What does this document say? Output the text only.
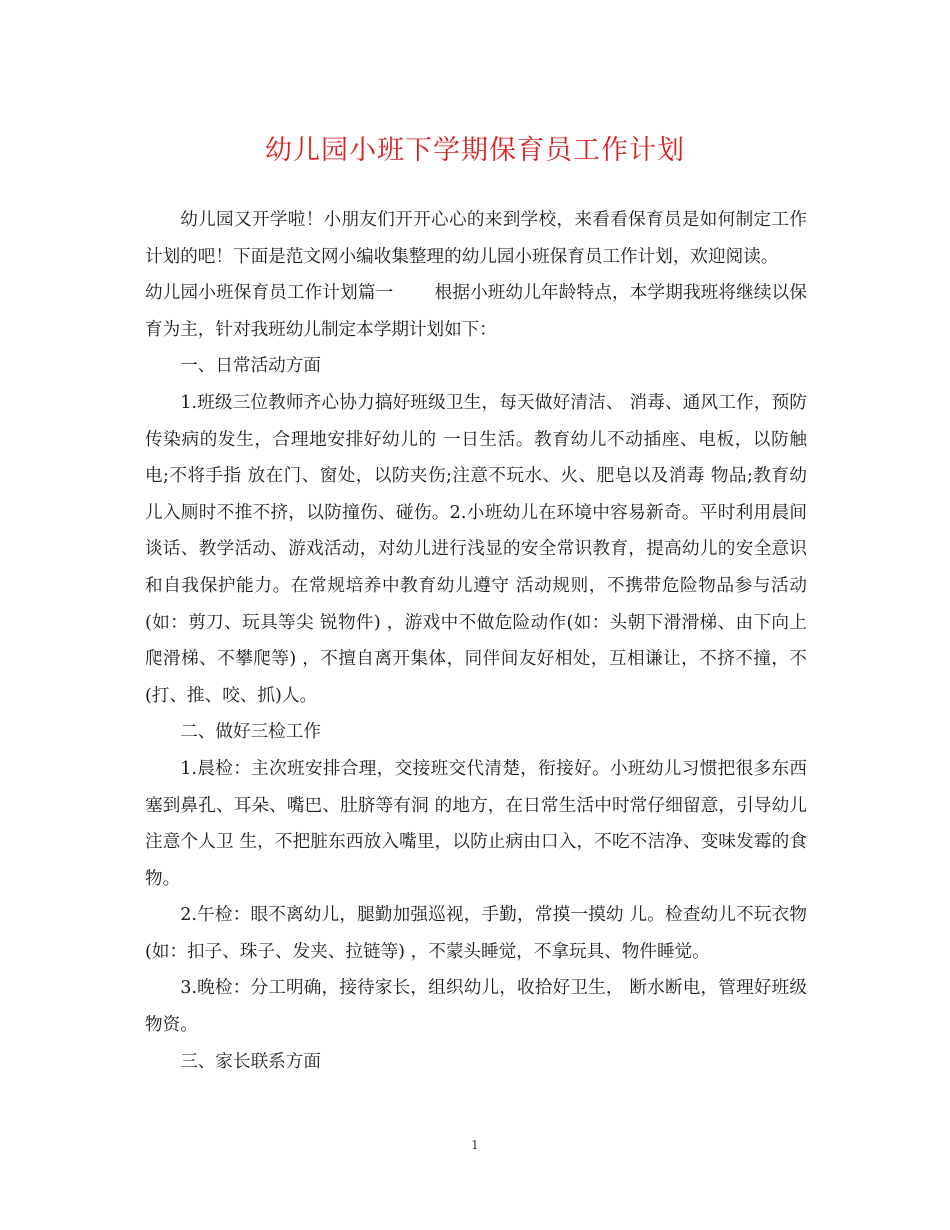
幼儿园小班下学期保育员工作计划

幼儿园又开学啦！小朋友们开开心心的来到学校，来看看保育员是如何制定工作计划的吧！下面是范文网小编收集整理的幼儿园小班保育员工作计划，欢迎阅读。

幼儿园小班保育员工作计划篇一　　 根据小班幼儿年龄特点，本学期我班将继续以保育为主，针对我班幼儿制定本学期计划如下：

一、日常活动方面

1.班级三位教师齐心协力搞好班级卫生，每天做好清洁、 消毒、通风工作，预防传染病的发生，合理地安排好幼儿的 一日生活。教育幼儿不动插座、电板，以防触电;不将手指 放在门、窗处，以防夹伤;注意不玩水、火、肥皂以及消毒 物品;教育幼儿入厕时不推不挤，以防撞伤、碰伤。2.小班幼儿在环境中容易新奇。平时利用晨间谈话、教学活动、游戏活动，对幼儿进行浅显的安全常识教育，提高幼儿的安全意识和自我保护能力。在常规培养中教育幼儿遵守 活动规则，不携带危险物品参与活动(如：剪刀、玩具等尖 锐物件) ，游戏中不做危险动作(如：头朝下滑滑梯、由下向上爬滑梯、不攀爬等) ，不擅自离开集体，同伴间友好相处，互相谦让，不挤不撞，不(打、推、咬、抓)人。

二、做好三检工作

1.晨检：主次班安排合理，交接班交代清楚，衔接好。小班幼儿习惯把很多东西塞到鼻孔、耳朵、嘴巴、肚脐等有洞 的地方，在日常生活中时常仔细留意，引导幼儿注意个人卫 生，不把脏东西放入嘴里，以防止病由口入，不吃不洁净、变味发霉的食物。

2.午检：眼不离幼儿，腿勤加强巡视，手勤，常摸一摸幼 儿。检查幼儿不玩衣物(如：扣子、珠子、发夹、拉链等) ，不蒙头睡觉，不拿玩具、物件睡觉。

3.晚检：分工明确，接待家长，组织幼儿，收拾好卫生， 断水断电，管理好班级物资。

三、家长联系方面

1
